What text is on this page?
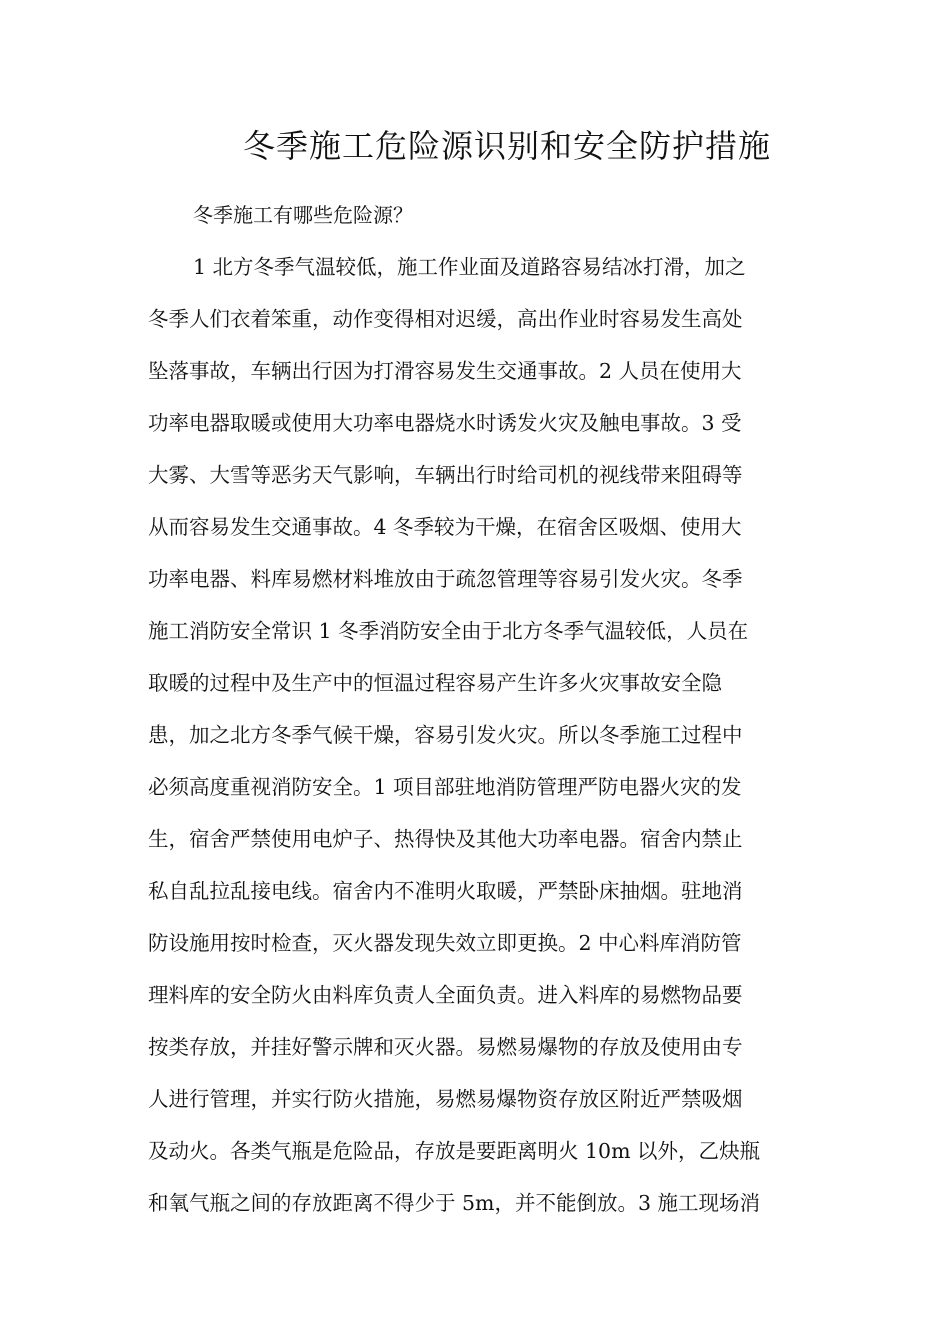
冬季施工危险源识别和安全防护措施
冬季施工有哪些危险源？
1 北方冬季气温较低，施工作业面及道路容易结冰打滑，加之
冬季人们衣着笨重，动作变得相对迟缓，高出作业时容易发生高处
坠落事故，车辆出行因为打滑容易发生交通事故。2 人员在使用大
功率电器取暖或使用大功率电器烧水时诱发火灾及触电事故。3 受
大雾、大雪等恶劣天气影响，车辆出行时给司机的视线带来阻碍等
从而容易发生交通事故。4 冬季较为干燥，在宿舍区吸烟、使用大
功率电器、料库易燃材料堆放由于疏忽管理等容易引发火灾。冬季
施工消防安全常识 1 冬季消防安全由于北方冬季气温较低，人员在
取暖的过程中及生产中的恒温过程容易产生许多火灾事故安全隐
患，加之北方冬季气候干燥，容易引发火灾。所以冬季施工过程中
必须高度重视消防安全。1 项目部驻地消防管理严防电器火灾的发
生，宿舍严禁使用电炉子、热得快及其他大功率电器。宿舍内禁止
私自乱拉乱接电线。宿舍内不准明火取暖，严禁卧床抽烟。驻地消
防设施用按时检查，灭火器发现失效立即更换。2 中心料库消防管
理料库的安全防火由料库负责人全面负责。进入料库的易燃物品要
按类存放，并挂好警示牌和灭火器。易燃易爆物的存放及使用由专
人进行管理，并实行防火措施，易燃易爆物资存放区附近严禁吸烟
及动火。各类气瓶是危险品，存放是要距离明火 10m 以外，乙炔瓶
和氧气瓶之间的存放距离不得少于 5m，并不能倒放。3 施工现场消
